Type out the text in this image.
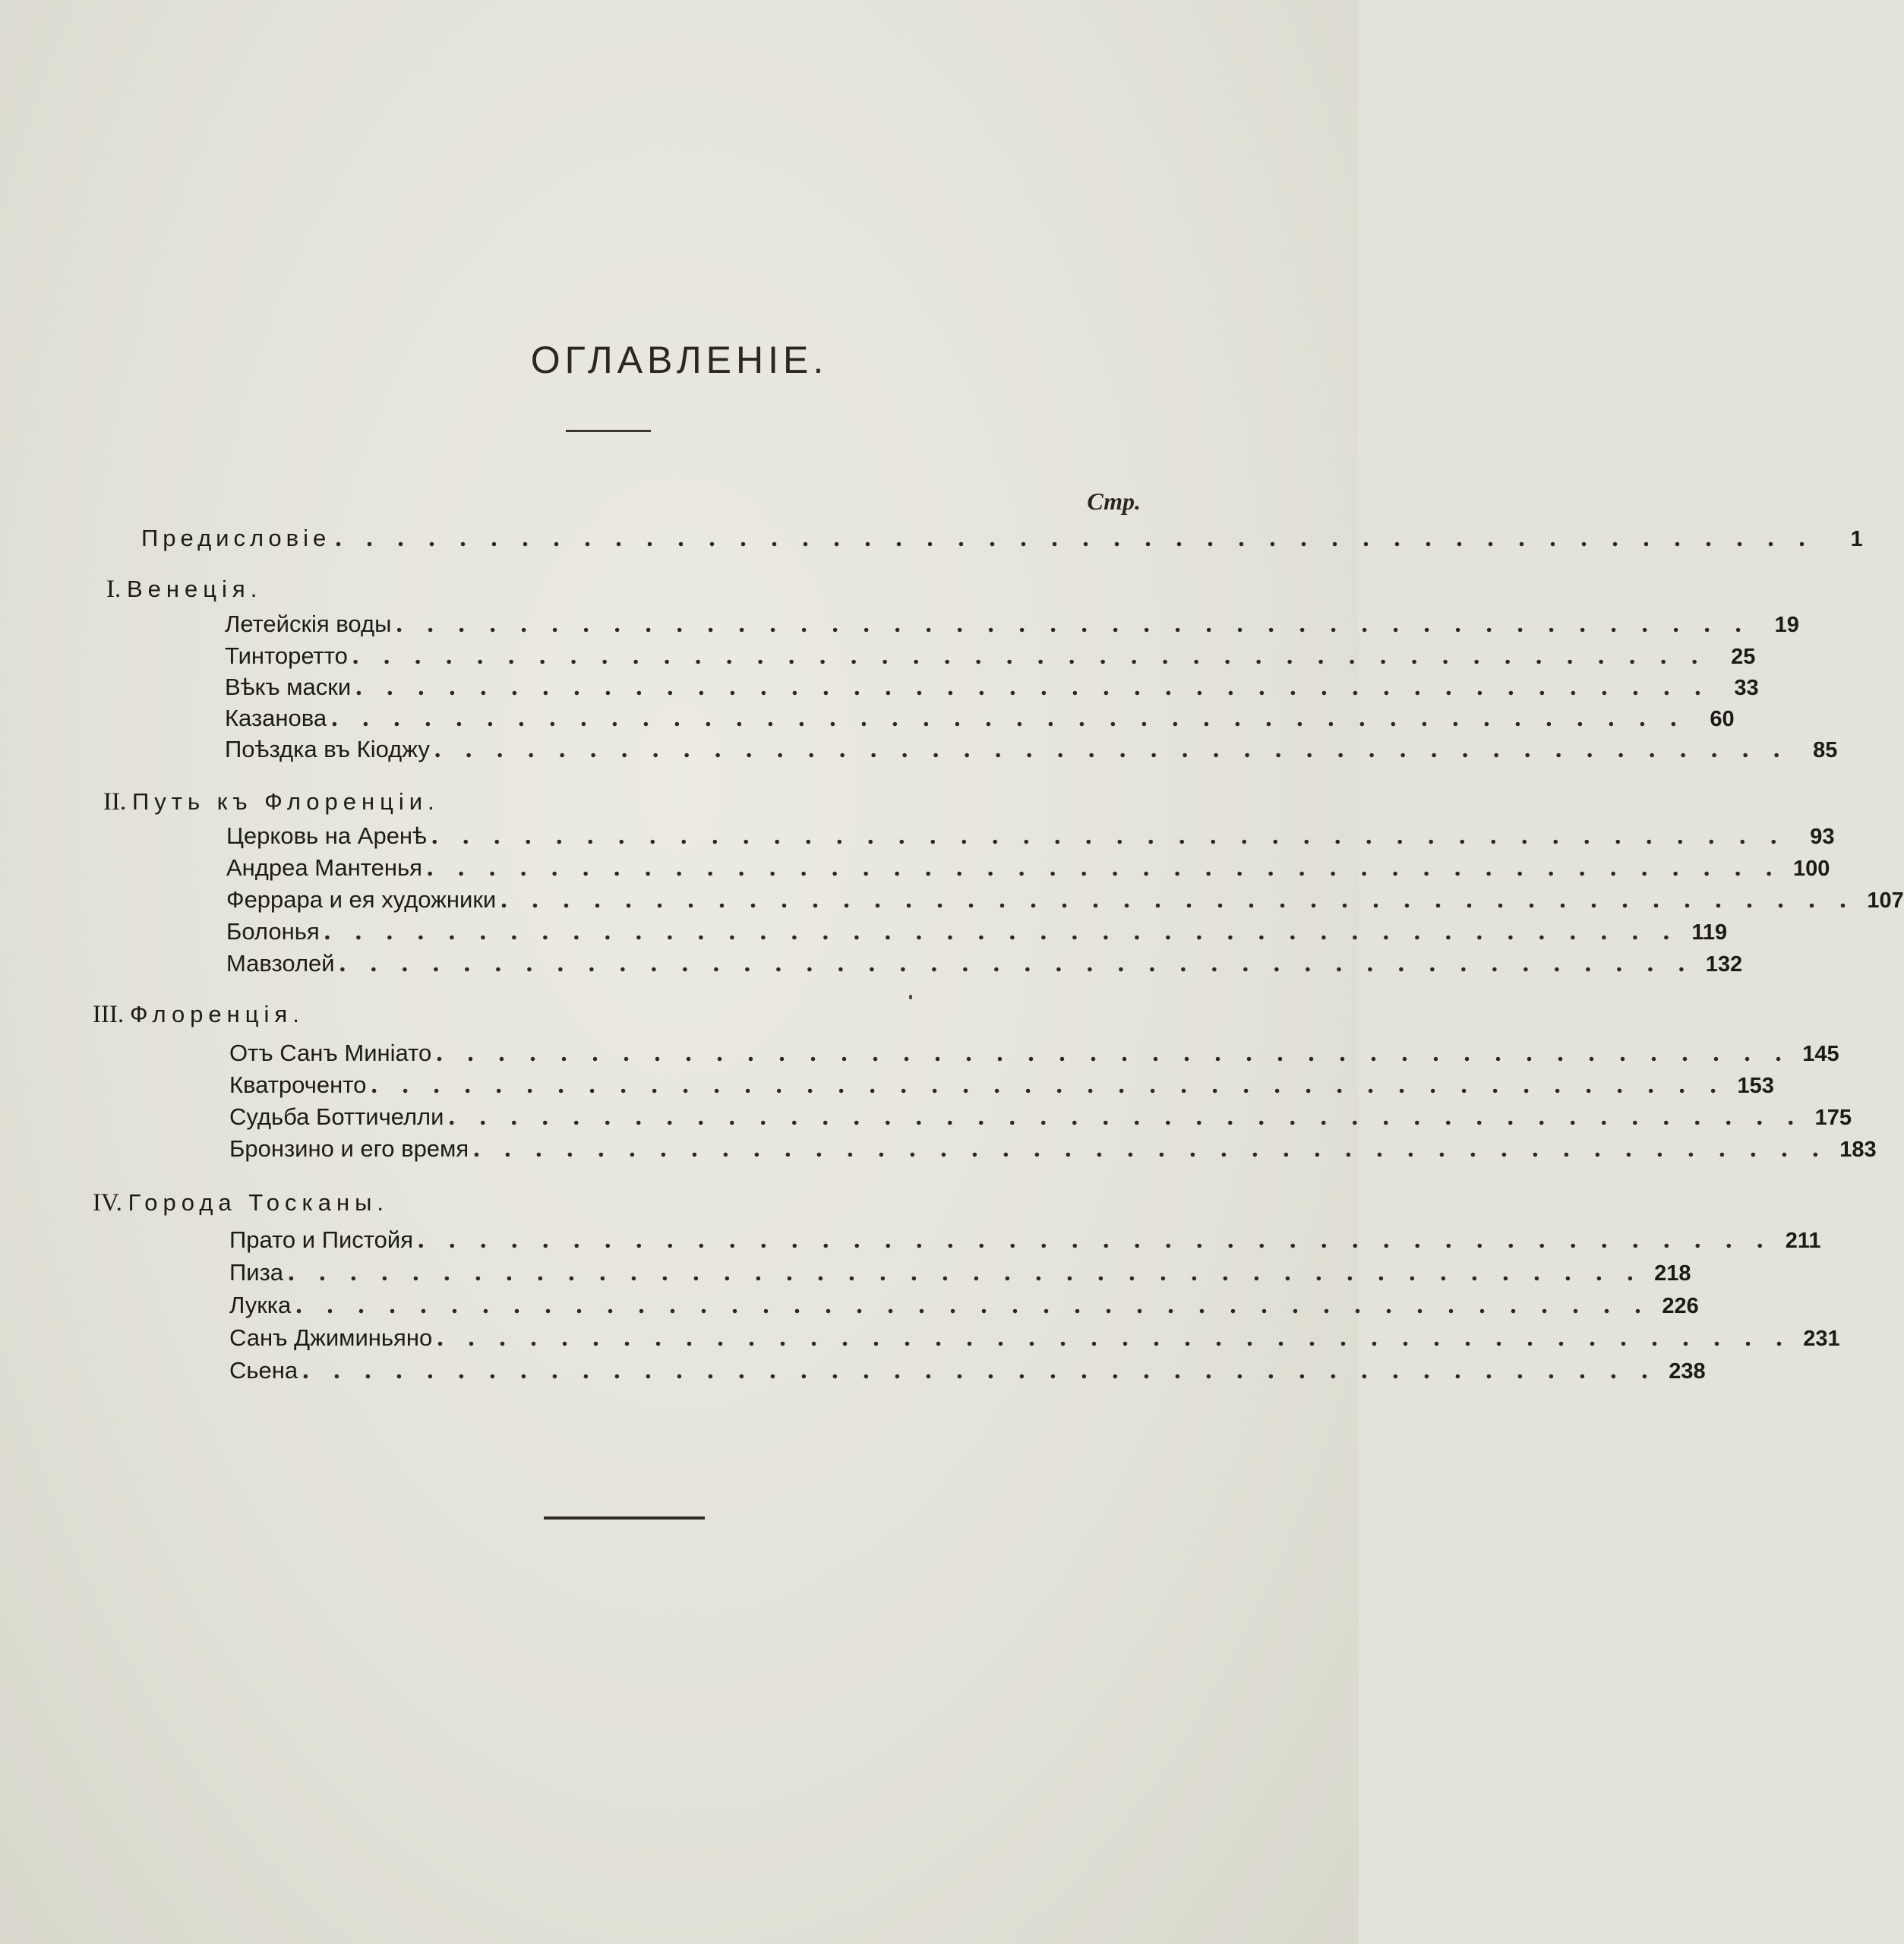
ОГЛАВЛЕНІЕ.
Стр.
Предисловіе . . . . . . . . . . . . . . . . . . . . . . . . . . . . . . . . . . . . . . . . . . . . . . . .	1
I. Венеція.
Летейскія воды . . . . . . . . . . . . . . . . . . . . . . . . . . . . . . . . . . . . . . . . . . . .	19
Тинторетто . . . . . . . . . . . . . . . . . . . . . . . . . . . . . . . . . . . . . . . . . . . .	25
Вѣкъ маски . . . . . . . . . . . . . . . . . . . . . . . . . . . . . . . . . . . . . . . . . . . .	33
Казанова . . . . . . . . . . . . . . . . . . . . . . . . . . . . . . . . . . . . . . . . . . . .	60
Поѣздка въ Кіоджу . . . . . . . . . . . . . . . . . . . . . . . . . . . . . . . . . . . . . . . . . . . .	85
II. Путь къ Флоренціи.
Церковь на Аренѣ . . . . . . . . . . . . . . . . . . . . . . . . . . . . . . . . . . . . . . . . . . . .	93
Андреа Мантенья . . . . . . . . . . . . . . . . . . . . . . . . . . . . . . . . . . . . . . . . . . . . 100
Феррара и ея художники . . . . . . . . . . . . . . . . . . . . . . . . . . . . . . . . . . . . . . . . . . . . 107
Болонья . . . . . . . . . . . . . . . . . . . . . . . . . . . . . . . . . . . . . . . . . . . . 119
Мавзолей . . . . . . . . . . . . . . . . . . . . . . . . . . . . . . . . . . . . . . . . . . . . 132
III. Флоренція.
Отъ Санъ Миніато . . . . . . . . . . . . . . . . . . . . . . . . . . . . . . . . . . . . . . . . . . . . 145
Кватроченто . . . . . . . . . . . . . . . . . . . . . . . . . . . . . . . . . . . . . . . . . . . . 153
Судьба Боттичелли . . . . . . . . . . . . . . . . . . . . . . . . . . . . . . . . . . . . . . . . . . . . 175
Бронзино и его время . . . . . . . . . . . . . . . . . . . . . . . . . . . . . . . . . . . . . . . . . . . . 183
IV. Города Тосканы.
Прато и Пистойя . . . . . . . . . . . . . . . . . . . . . . . . . . . . . . . . . . . . . . . . . . . . 211
Пиза . . . . . . . . . . . . . . . . . . . . . . . . . . . . . . . . . . . . . . . . . . . . 218
Лукка . . . . . . . . . . . . . . . . . . . . . . . . . . . . . . . . . . . . . . . . . . . . 226
Санъ Джиминьяно . . . . . . . . . . . . . . . . . . . . . . . . . . . . . . . . . . . . . . . . . . . . 231
Сьена . . . . . . . . . . . . . . . . . . . . . . . . . . . . . . . . . . . . . . . . . . . . 238
